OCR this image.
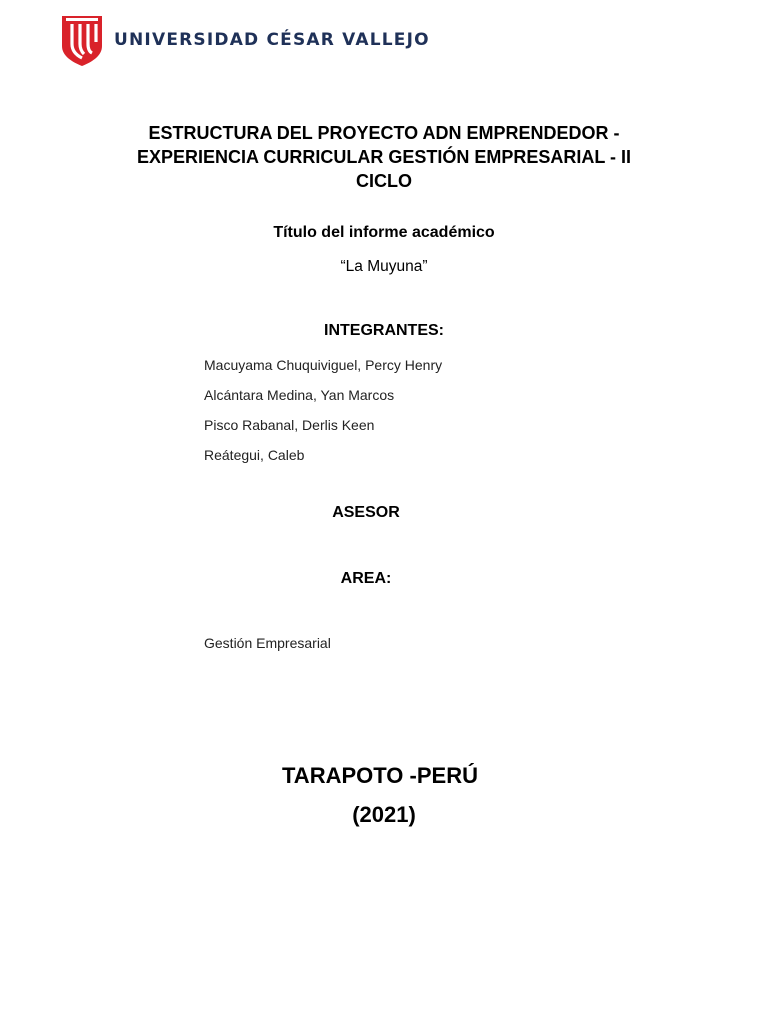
UNIVERSIDAD CÉSAR VALLEJO
ESTRUCTURA DEL PROYECTO ADN EMPRENDEDOR -
EXPERIENCIA CURRICULAR GESTIÓN EMPRESARIAL - II
CICLO
Título del informe académico
“La Muyuna”
INTEGRANTES:
Macuyama Chuquiviguel, Percy Henry
Alcántara Medina, Yan Marcos
Pisco Rabanal, Derlis Keen
Reátegui, Caleb
ASESOR
AREA:
Gestión Empresarial
TARAPOTO -PERÚ
(2021)
